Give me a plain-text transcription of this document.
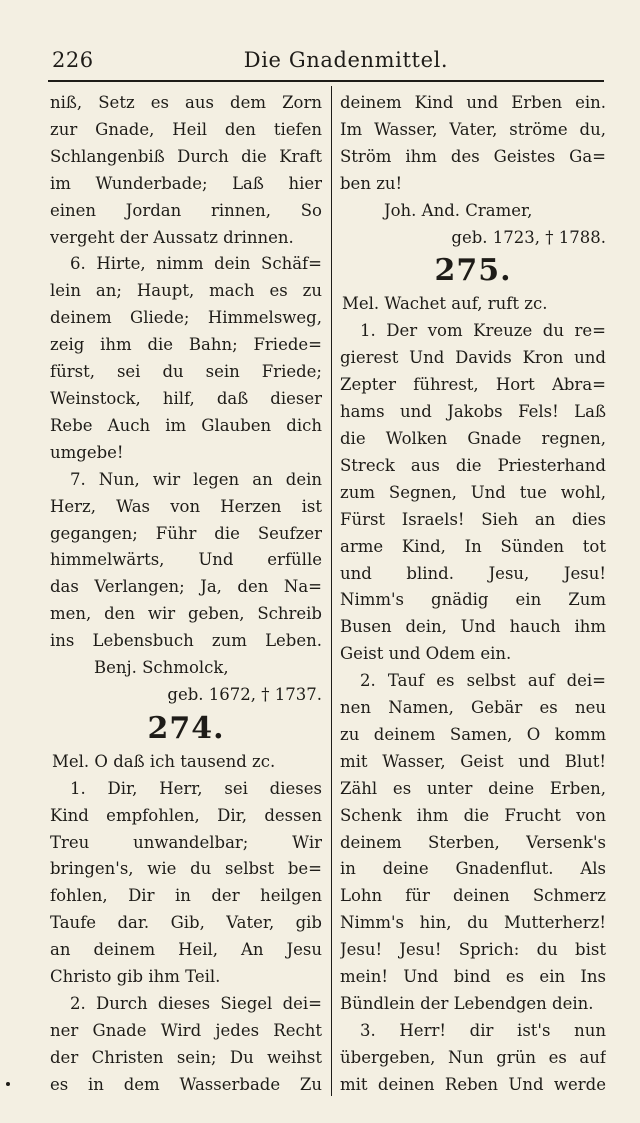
226	Die Gnadenmittel.
niß, Setz es aus dem Zorn
zur Gnade, Heil den tiefen
Schlangenbiß Durch die Kraft
im Wunderbade; Laß hier
einen Jordan rinnen, So
vergeht der Aussatz drinnen.
6. Hirte, nimm dein Schäf=
lein an; Haupt, mach es zu
deinem Gliede; Himmelsweg,
zeig ihm die Bahn; Friede=
fürst, sei du sein Friede;
Weinstock, hilf, daß dieser
Rebe Auch im Glauben dich
umgebe!
7. Nun, wir legen an dein
Herz, Was von Herzen ist
gegangen; Führ die Seufzer
himmelwärts, Und erfülle
das Verlangen; Ja, den Na=
men, den wir geben, Schreib
ins Lebensbuch zum Leben.
Benj. Schmolck,
geb. 1672, † 1737.
274.
Mel. O daß ich tausend zc.
1. Dir, Herr, sei dieses
Kind empfohlen, Dir, dessen
Treu unwandelbar; Wir
bringen's, wie du selbst be=
fohlen, Dir in der heilgen
Taufe dar. Gib, Vater, gib
an deinem Heil, An Jesu
Christo gib ihm Teil.
2. Durch dieses Siegel dei=
ner Gnade Wird jedes Recht
der Christen sein; Du weihst
es in dem Wasserbade Zu
deinem Kind und Erben ein.
Im Wasser, Vater, ströme du,
Ström ihm des Geistes Ga=
ben zu!
Joh. And. Cramer,
geb. 1723, † 1788.
275.
Mel. Wachet auf, ruft zc.
1. Der vom Kreuze du re=
gierest Und Davids Kron und
Zepter führest, Hort Abra=
hams und Jakobs Fels! Laß
die Wolken Gnade regnen,
Streck aus die Priesterhand
zum Segnen, Und tue wohl,
Fürst Israels! Sieh an dies
arme Kind, In Sünden tot
und blind. Jesu, Jesu!
Nimm's gnädig ein Zum
Busen dein, Und hauch ihm
Geist und Odem ein.
2. Tauf es selbst auf dei=
nen Namen, Gebär es neu
zu deinem Samen, O komm
mit Wasser, Geist und Blut!
Zähl es unter deine Erben,
Schenk ihm die Frucht von
deinem Sterben, Versenk's
in deine Gnadenflut. Als
Lohn für deinen Schmerz
Nimm's hin, du Mutterherz!
Jesu! Jesu! Sprich: du bist
mein! Und bind es ein Ins
Bündlein der Lebendgen dein.
3. Herr! dir ist's nun
übergeben, Nun grün es auf
mit deinen Reben Und werde
